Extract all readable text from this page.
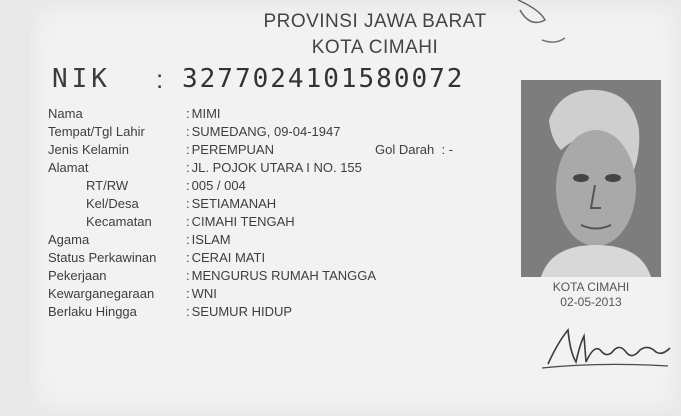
PROVINSI JAWA BARAT
KOTA CIMAHI
NIK : 3277024101580072
Nama	: MIMI
Tempat/Tgl Lahir	: SUMEDANG, 09-04-1947
Jenis Kelamin	: PEREMPUAN	Gol Darah : -
Alamat	: JL. POJOK UTARA I NO. 155
RT/RW	: 005 / 004
Kel/Desa	: SETIAMANAH
Kecamatan	: CIMAHI TENGAH
Agama	: ISLAM
Status Perkawinan : CERAI MATI
Pekerjaan	: MENGURUS RUMAH TANGGA
Kewarganegaraan : WNI
Berlaku Hingga	: SEUMUR HIDUP
KOTA CIMAHI
02-05-2013
